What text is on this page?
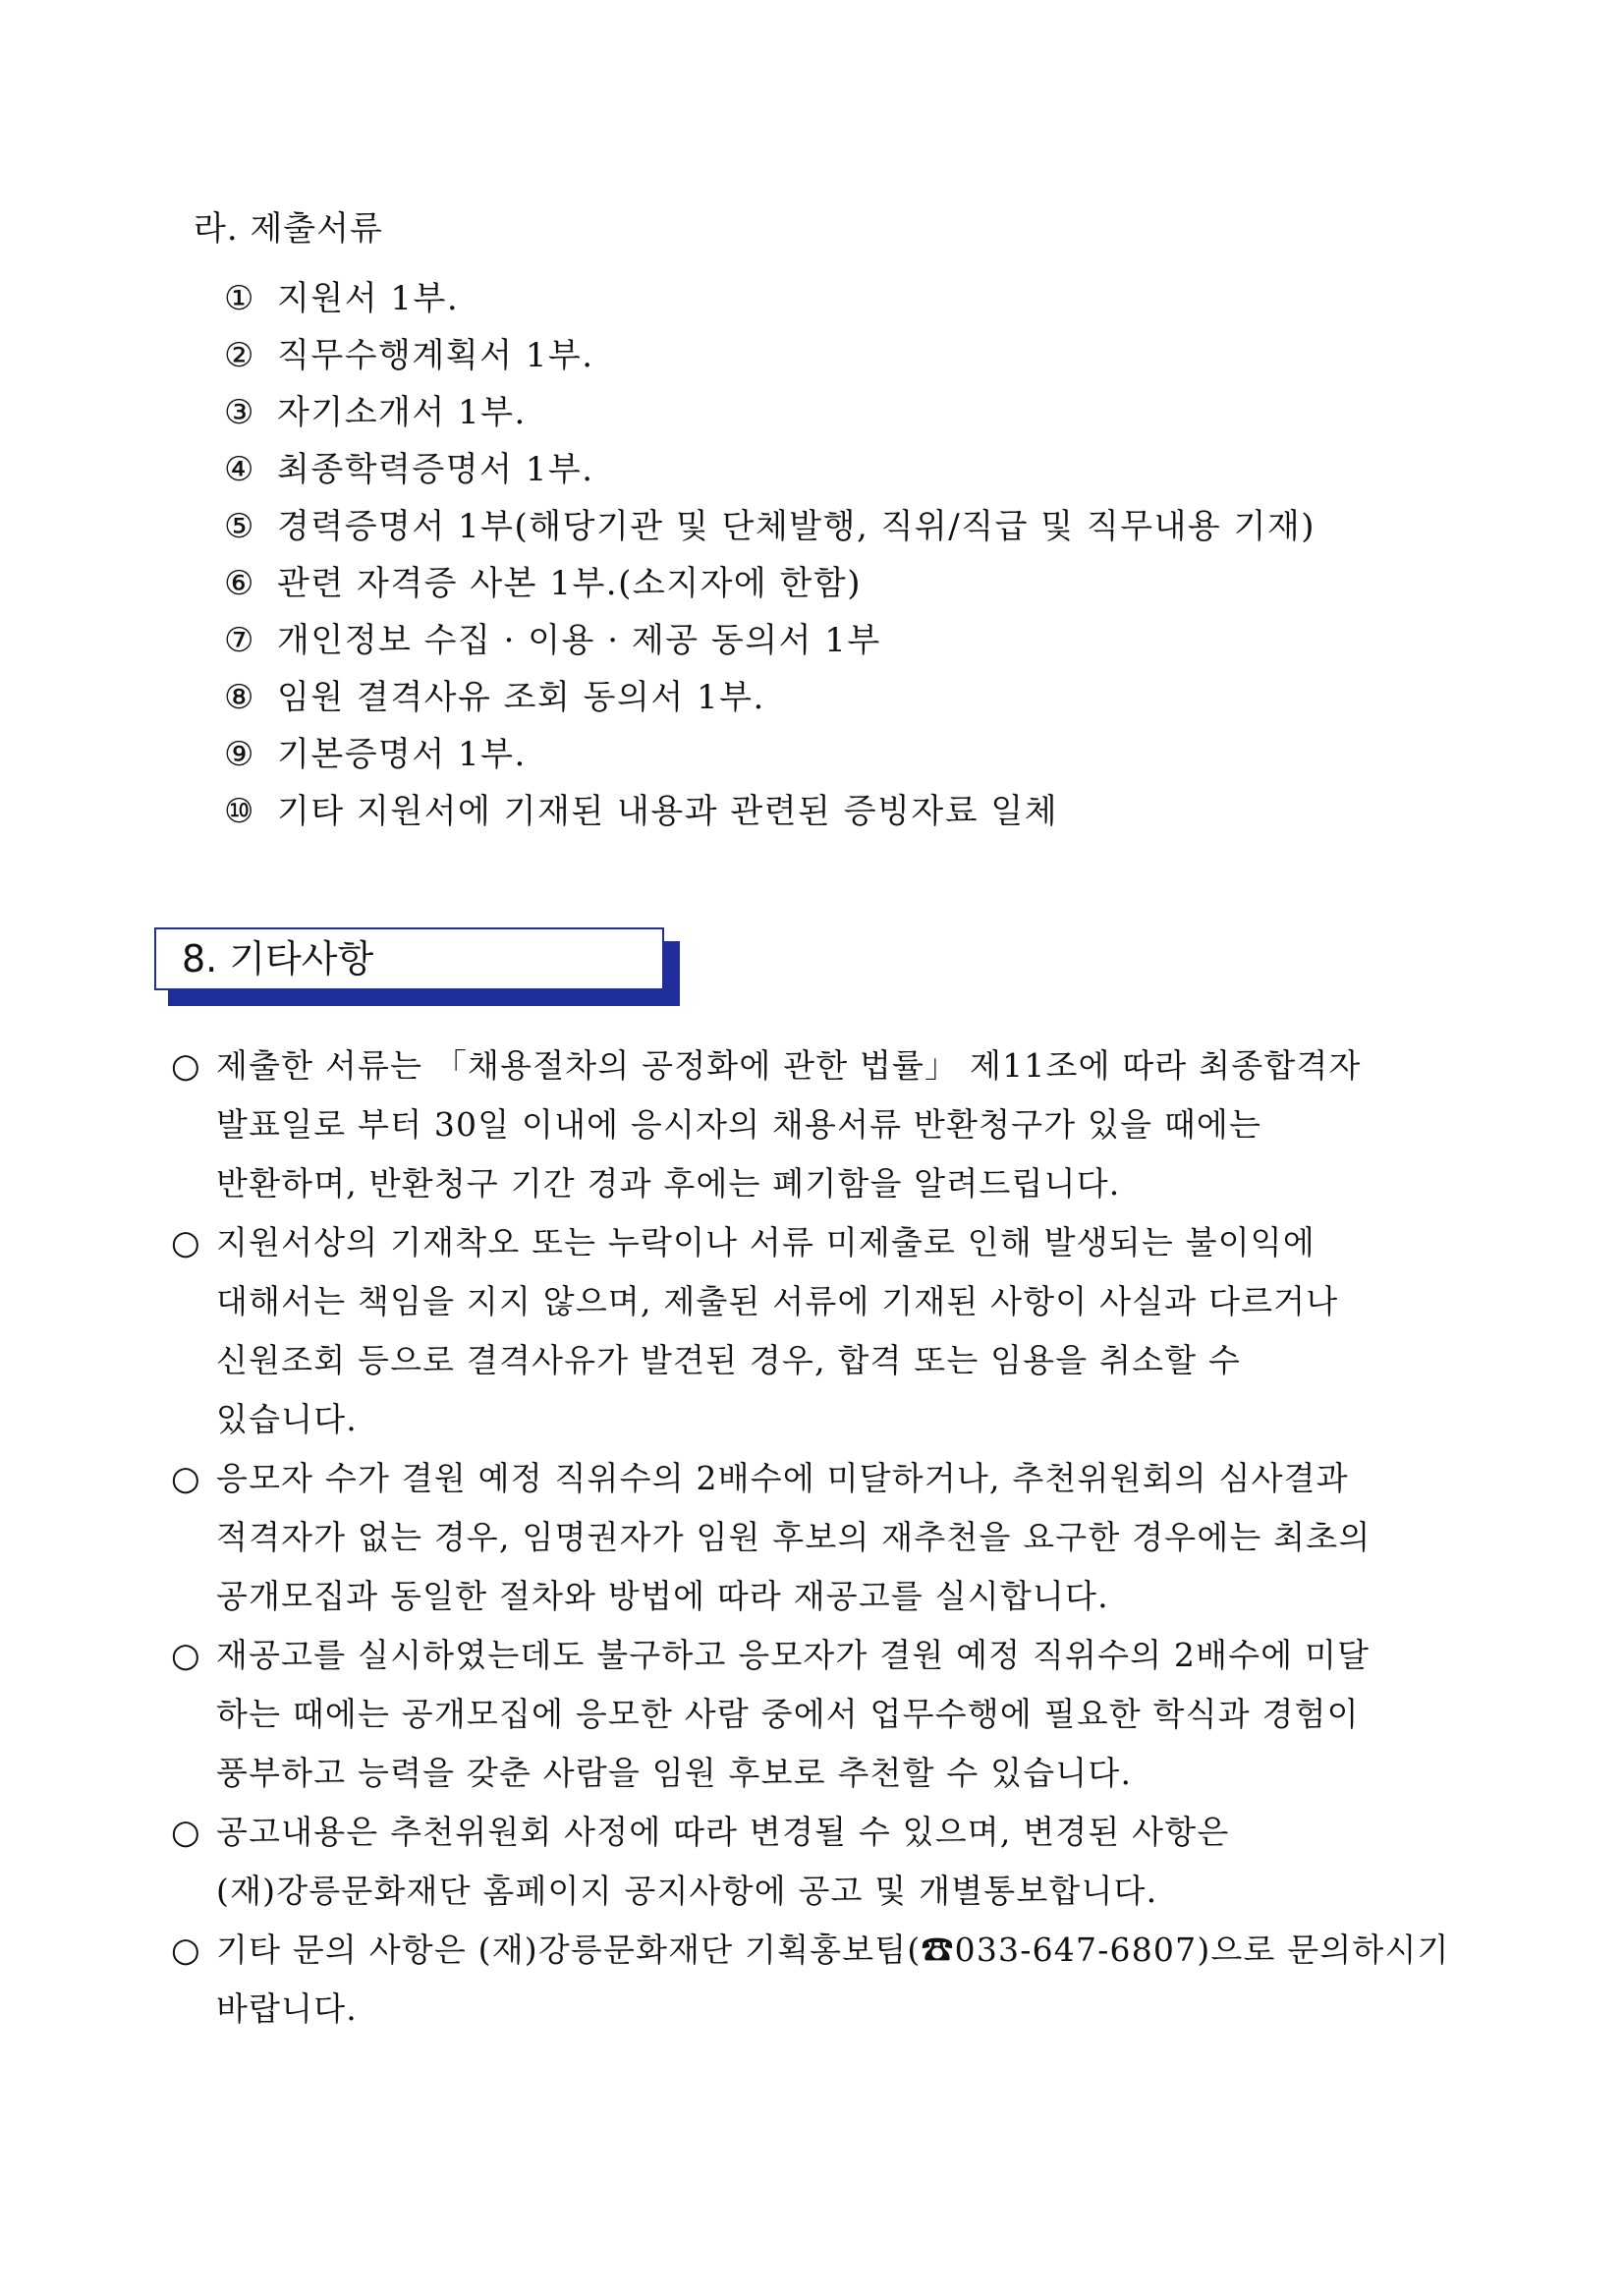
라. 제출서류
① 지원서 1부.
② 직무수행계획서 1부.
③ 자기소개서 1부.
④ 최종학력증명서 1부.
⑤ 경력증명서 1부(해당기관 및 단체발행, 직위/직급 및 직무내용 기재)
⑥ 관련 자격증 사본 1부.(소지자에 한함)
⑦ 개인정보 수집 · 이용 · 제공 동의서 1부
⑧ 임원 결격사유 조회 동의서 1부.
⑨ 기본증명서 1부.
⑩ 기타 지원서에 기재된 내용과 관련된 증빙자료 일체
8. 기타사항
○ 제출한 서류는 「채용절차의 공정화에 관한 법률」 제11조에 따라 최종합격자
발표일로 부터 30일 이내에 응시자의 채용서류 반환청구가 있을 때에는
반환하며, 반환청구 기간 경과 후에는 폐기함을 알려드립니다.
○ 지원서상의 기재착오 또는 누락이나 서류 미제출로 인해 발생되는 불이익에
대해서는 책임을 지지 않으며, 제출된 서류에 기재된 사항이 사실과 다르거나
신원조회 등으로 결격사유가 발견된 경우, 합격 또는 임용을 취소할 수
있습니다.
○ 응모자 수가 결원 예정 직위수의 2배수에 미달하거나, 추천위원회의 심사결과
적격자가 없는 경우, 임명권자가 임원 후보의 재추천을 요구한 경우에는 최초의
공개모집과 동일한 절차와 방법에 따라 재공고를 실시합니다.
○ 재공고를 실시하였는데도 불구하고 응모자가 결원 예정 직위수의 2배수에 미달
하는 때에는 공개모집에 응모한 사람 중에서 업무수행에 필요한 학식과 경험이
풍부하고 능력을 갖춘 사람을 임원 후보로 추천할 수 있습니다.
○ 공고내용은 추천위원회 사정에 따라 변경될 수 있으며, 변경된 사항은
(재)강릉문화재단 홈페이지 공지사항에 공고 및 개별통보합니다.
○ 기타 문의 사항은 (재)강릉문화재단 기획홍보팀(☎033-647-6807)으로 문의하시기
바랍니다.
